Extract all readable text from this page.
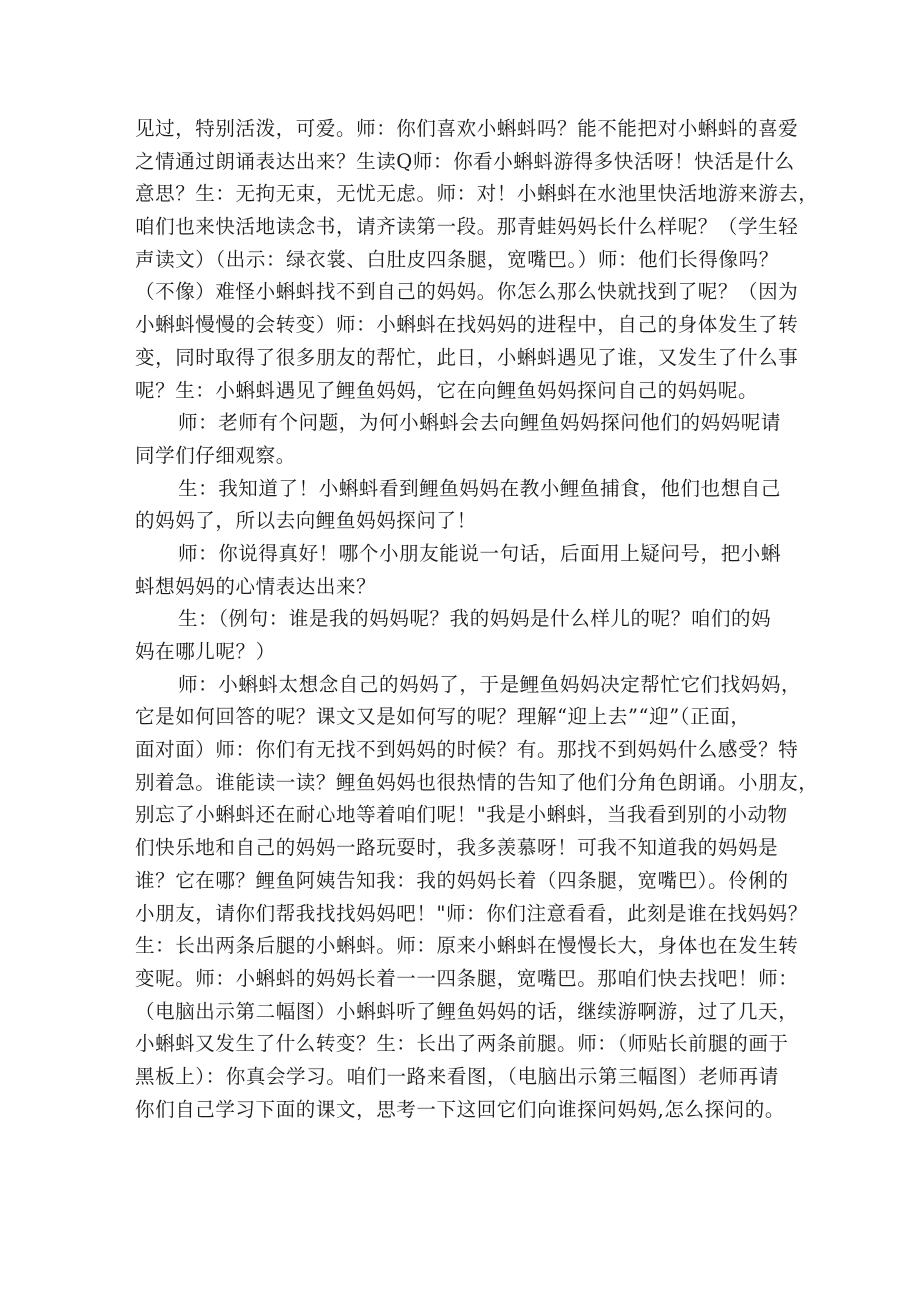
见过，特别活泼，可爱。师：你们喜欢小蝌蚪吗？能不能把对小蝌蚪的喜爱
之情通过朗诵表达出来？生读Q师：你看小蝌蚪游得多快活呀！快活是什么
意思？生：无拘无束，无忧无虑。师：对！小蝌蚪在水池里快活地游来游去，
咱们也来快活地读念书，请齐读第一段。那青蛙妈妈长什么样呢？（学生轻
声读文）（出示：绿衣裳、白肚皮四条腿，宽嘴巴。）师：他们长得像吗？
（不像）难怪小蝌蚪找不到自己的妈妈。你怎么那么快就找到了呢？（因为
小蝌蚪慢慢的会转变）师：小蝌蚪在找妈妈的进程中，自己的身体发生了转
变，同时取得了很多朋友的帮忙，此日，小蝌蚪遇见了谁，又发生了什么事
呢？生：小蝌蚪遇见了鲤鱼妈妈，它在向鲤鱼妈妈探问自己的妈妈呢。
师：老师有个问题，为何小蝌蚪会去向鲤鱼妈妈探问他们的妈妈呢请
同学们仔细观察。
生：我知道了！小蝌蚪看到鲤鱼妈妈在教小鲤鱼捕食，他们也想自己
的妈妈了，所以去向鲤鱼妈妈探问了！
师：你说得真好！哪个小朋友能说一句话，后面用上疑问号，把小蝌
蚪想妈妈的心情表达出来？
生：（例句：谁是我的妈妈呢？我的妈妈是什么样儿的呢？咱们的妈
妈在哪儿呢？）
师：小蝌蚪太想念自己的妈妈了，于是鲤鱼妈妈决定帮忙它们找妈妈，
它是如何回答的呢？课文又是如何写的呢？理解“迎上去”“迎”（正面，
面对面）师：你们有无找不到妈妈的时候？有。那找不到妈妈什么感受？特
别着急。谁能读一读？鲤鱼妈妈也很热情的告知了他们分角色朗诵。小朋友，
别忘了小蝌蚪还在耐心地等着咱们呢！"我是小蝌蚪，当我看到别的小动物
们快乐地和自己的妈妈一路玩耍时，我多羡慕呀！可我不知道我的妈妈是
谁？它在哪？鲤鱼阿姨告知我：我的妈妈长着（四条腿，宽嘴巴）。伶俐的
小朋友，请你们帮我找找妈妈吧！"师：你们注意看看，此刻是谁在找妈妈？
生：长出两条后腿的小蝌蚪。师：原来小蝌蚪在慢慢长大，身体也在发生转
变呢。师：小蝌蚪的妈妈长着一一四条腿，宽嘴巴。那咱们快去找吧！师：
（电脑出示第二幅图）小蝌蚪听了鲤鱼妈妈的话，继续游啊游，过了几天，
小蝌蚪又发生了什么转变？生：长出了两条前腿。师：（师贴长前腿的画于
黑板上）：你真会学习。咱们一路来看图，（电脑出示第三幅图）老师再请
你们自己学习下面的课文，思考一下这回它们向谁探问妈妈,怎么探问的。
